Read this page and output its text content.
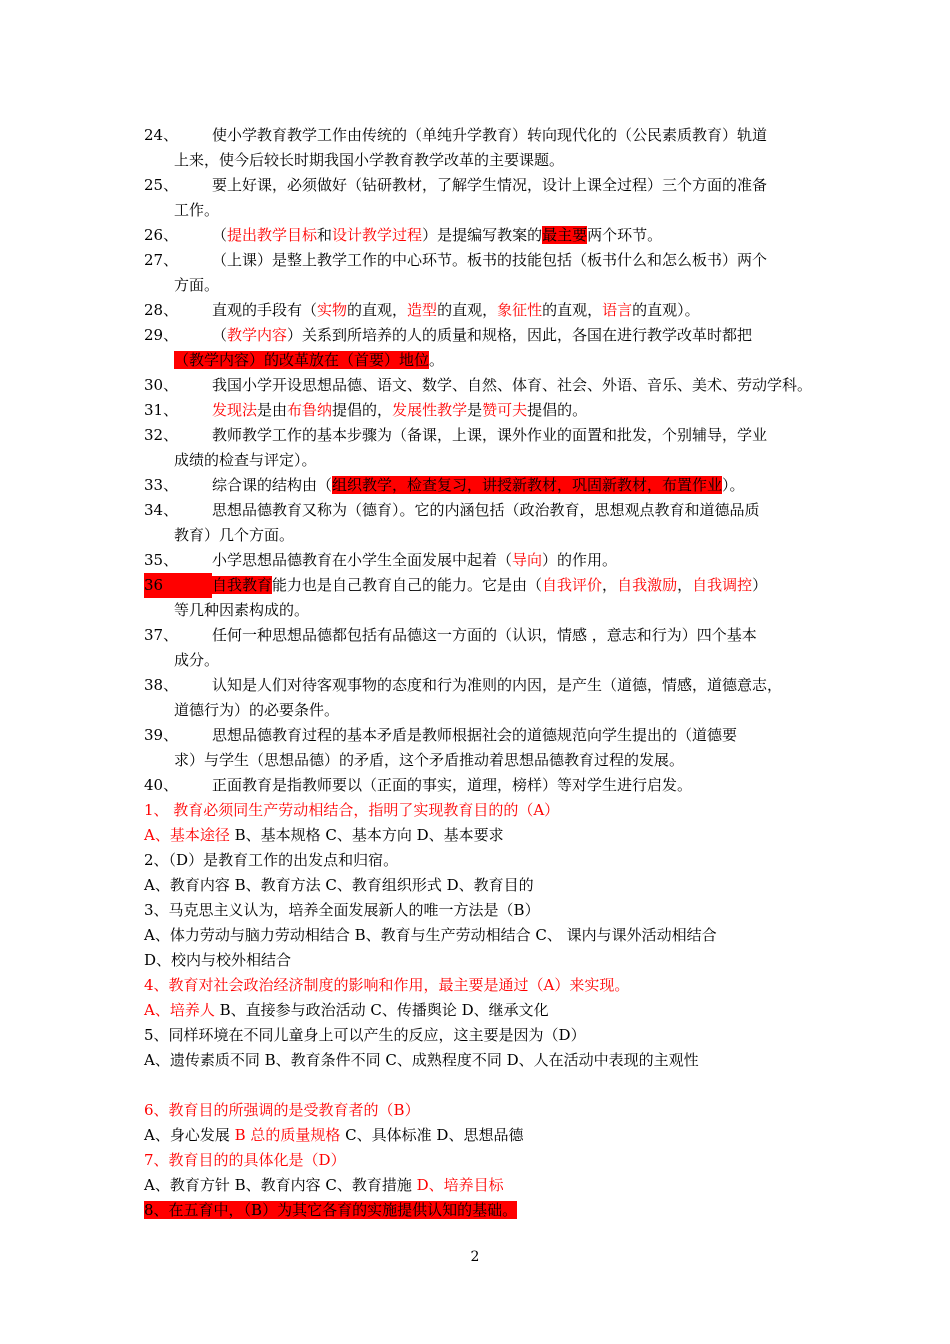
24、 使小学教育教学工作由传统的（单纯升学教育）转向现代化的（公民素质教育）轨道
上来，使今后较长时期我国小学教育教学改革的主要课题。
25、 要上好课，必须做好（钻研教材，了解学生情况，设计上课全过程）三个方面的准备
工作。
26、 （提出教学目标和设计教学过程）是提编写教案的最主要两个环节。
27、 （上课）是整上教学工作的中心环节。板书的技能包括（板书什么和怎么板书）两个
方面。
28、 直观的手段有（实物的直观，造型的直观，象征性的直观，语言的直观）。
29、 （教学内容）关系到所培养的人的质量和规格，因此，各国在进行教学改革时都把
（教学内容）的改革放在（首要）地位。
30、 我国小学开设思想品德、语文、数学、自然、体育、社会、外语、音乐、美术、劳动学科。
31、 发现法是由布鲁纳提倡的，发展性教学是赞可夫提倡的。
32、 教师教学工作的基本步骤为（备课，上课，课外作业的面置和批发，个别辅导，学业
成绩的检查与评定）。
33、 综合课的结构由（组织教学，检查复习，讲授新教材，巩固新教材，布置作业）。
34、 思想品德教育又称为（德育）。它的内涵包括（政治教育，思想观点教育和道德品质
教育）几个方面。
35、 小学思想品德教育在小学生全面发展中起着（导向）的作用。
36	自我教育能力也是自己教育自己的能力。它是由（自我评价，自我激励，自我调控）
等几种因素构成的。
37、 任何一种思想品德都包括有品德这一方面的（认识，情感 ，意志和行为）四个基本
成分。
38、 认知是人们对待客观事物的态度和行为准则的内因，是产生（道德，情感，道德意志，
道德行为）的必要条件。
39、 思想品德教育过程的基本矛盾是教师根据社会的道德规范向学生提出的（道德要
求）与学生（思想品德）的矛盾，这个矛盾推动着思想品德教育过程的发展。
40、 正面教育是指教师要以（正面的事实，道理，榜样）等对学生进行启发。
1、 教育必须同生产劳动相结合，指明了实现教育目的的（A）
A、基本途径 B、基本规格 C、基本方向 D、基本要求
2、（D）是教育工作的出发点和归宿。
A、教育内容 B、教育方法 C、教育组织形式 D、教育目的
3、马克思主义认为，培养全面发展新人的唯一方法是（B）
A、体力劳动与脑力劳动相结合 B、教育与生产劳动相结合 C、 课内与课外活动相结合
D、校内与校外相结合
4、教育对社会政治经济制度的影响和作用，最主要是通过（A）来实现。
A、培养人 B、直接参与政治活动 C、传播舆论 D、继承文化
5、同样环境在不同儿童身上可以产生的反应，这主要是因为（D）
A、遗传素质不同 B、教育条件不同 C、成熟程度不同 D、人在活动中表现的主观性
6、教育目的所强调的是受教育者的（B）
A、身心发展 B 总的质量规格 C、具体标准 D、思想品德
7、教育目的的具体化是（D）
A、教育方针 B、教育内容 C、教育措施 D、培养目标
8、在五育中，（B）为其它各育的实施提供认知的基础。
2
